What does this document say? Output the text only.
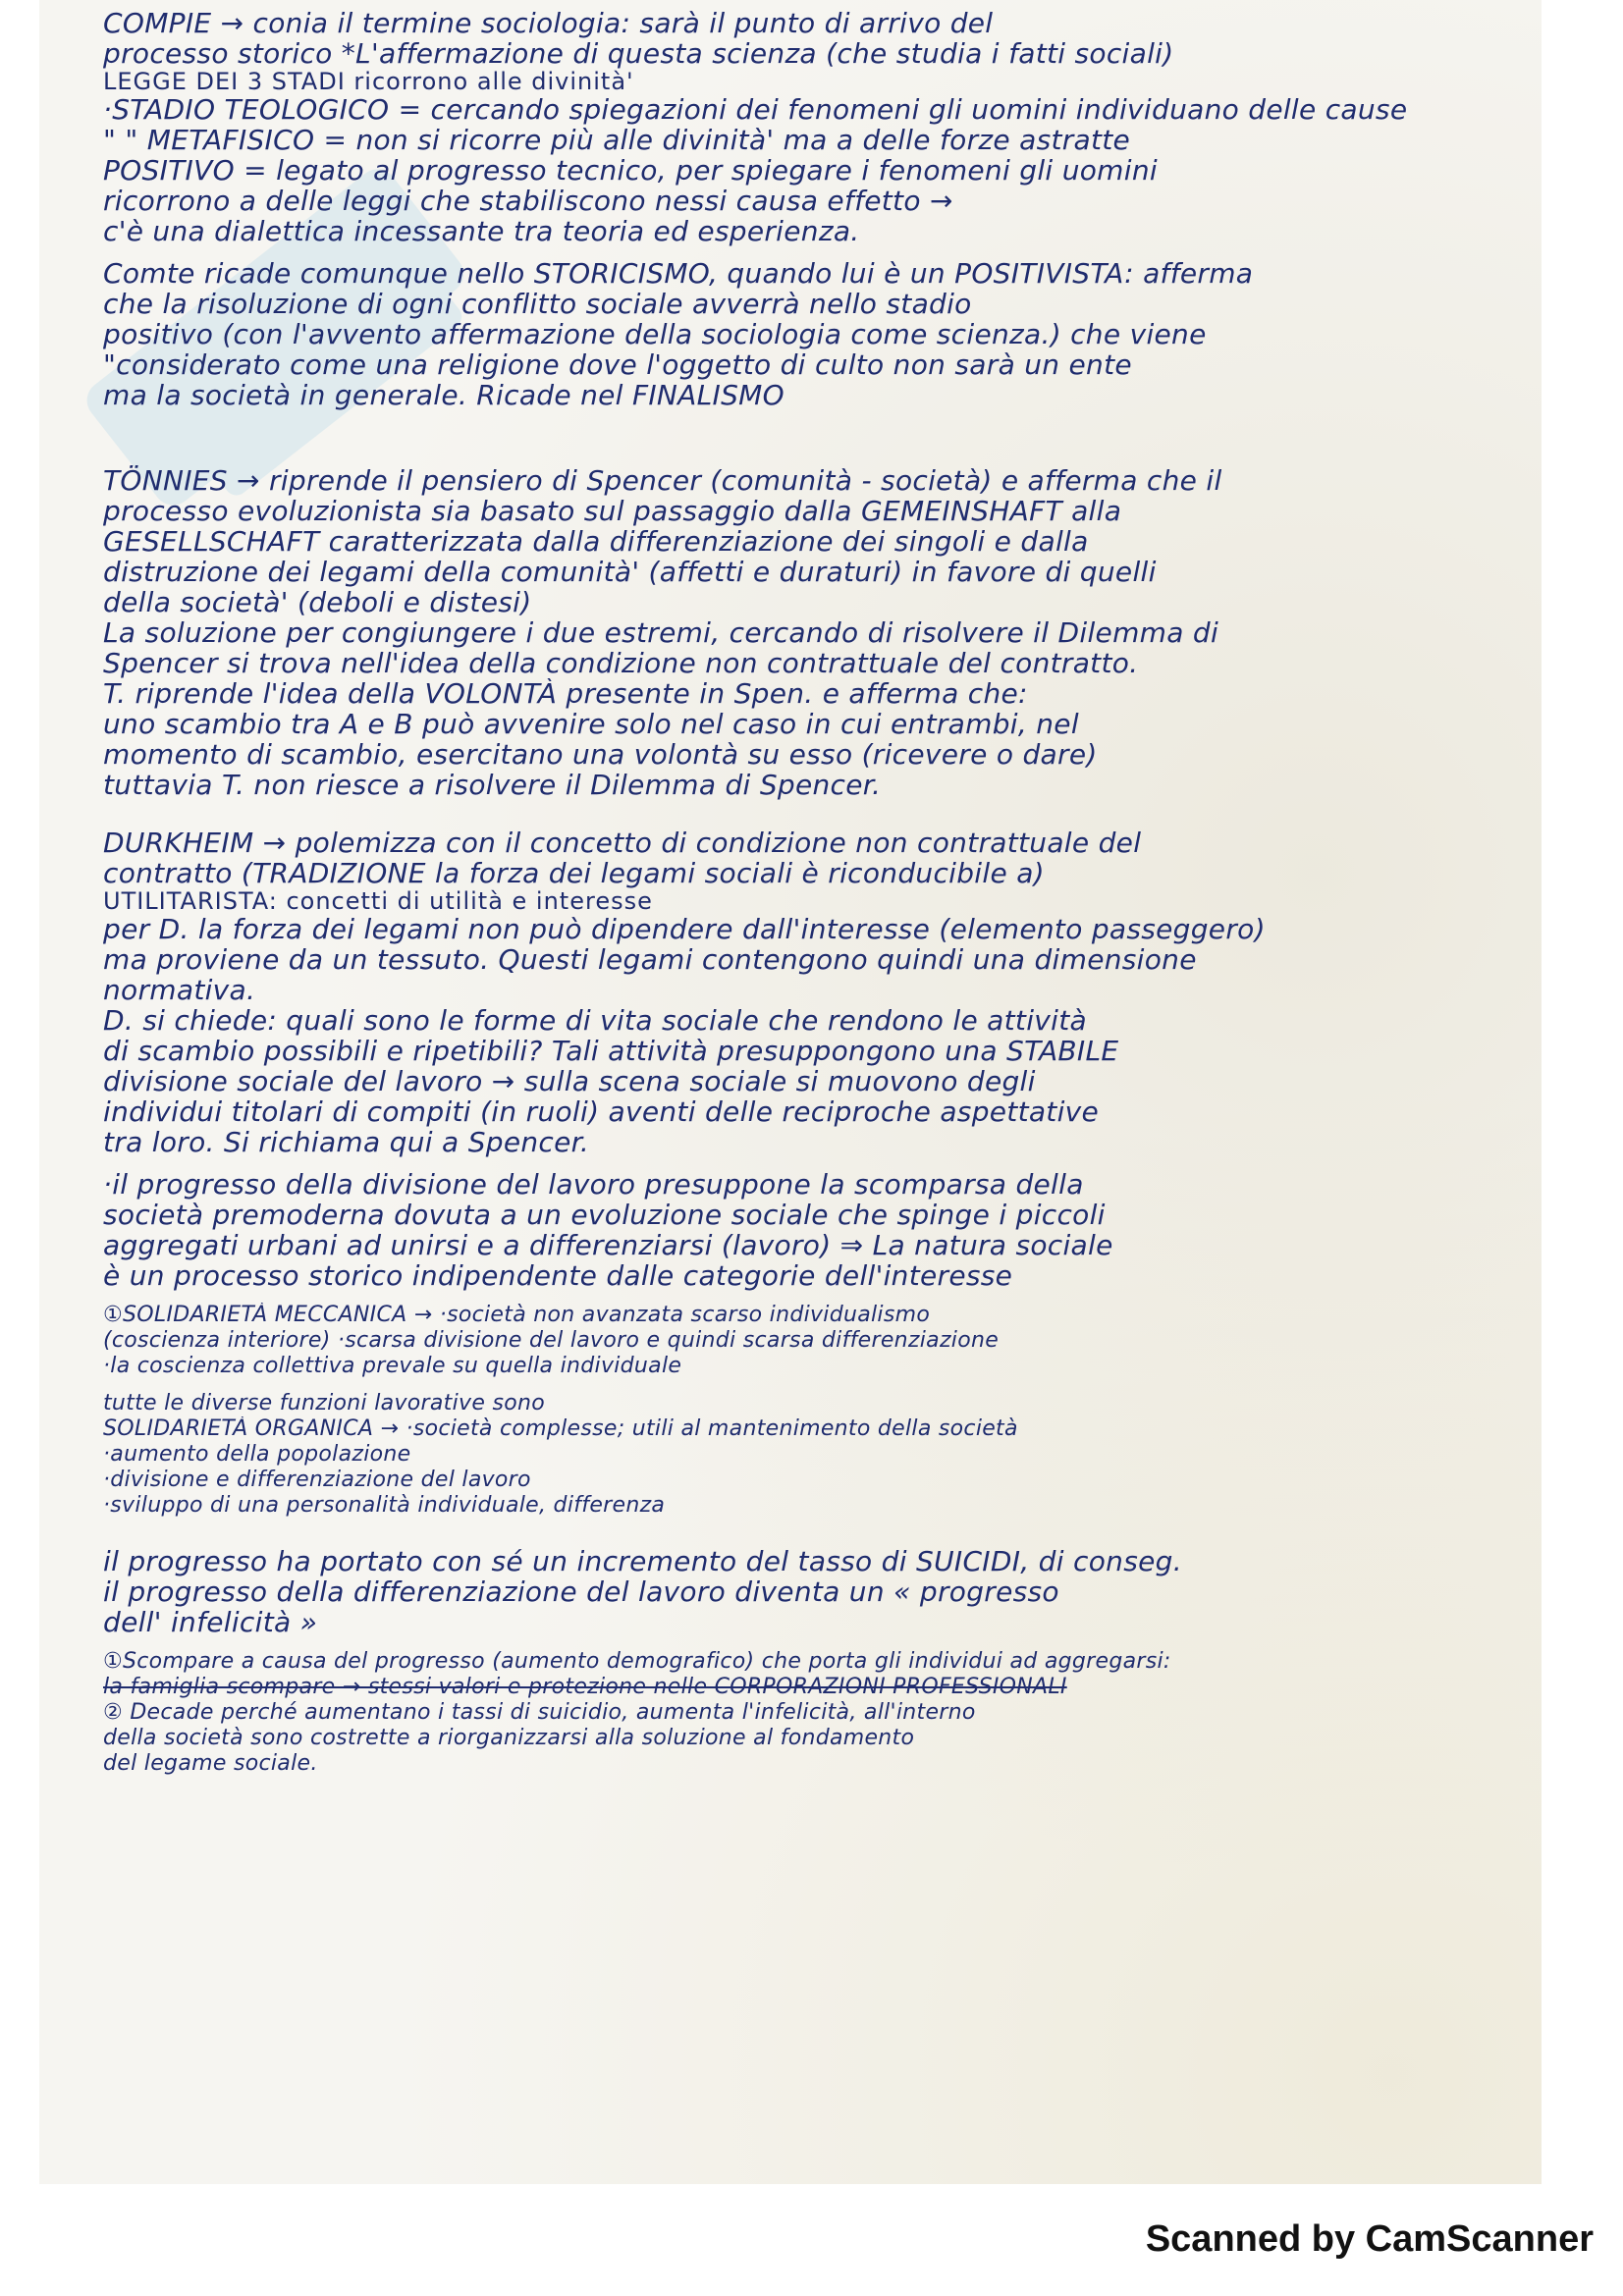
COMPIE → conia il termine sociologia: sarà il punto di arrivo del
processo storico *L'affermazione di questa scienza (che studia i fatti sociali)
LEGGE DEI 3 STADI ricorrono alle divinità'
·STADIO TEOLOGICO = cercando spiegazioni dei fenomeni gli uomini individuano delle cause
" " METAFISICO = non si ricorre più alle divinità' ma a delle forze astratte
POSITIVO = legato al progresso tecnico, per spiegare i fenomeni gli uomini
ricorrono a delle leggi che stabiliscono nessi causa effetto →
c'è una dialettica incessante tra teoria ed esperienza.
Comte ricade comunque nello STORICISMO, quando lui è un POSITIVISTA: afferma
che la risoluzione di ogni conflitto sociale avverrà nello stadio
positivo (con l'avvento affermazione della sociologia come scienza.) che viene
"considerato come una religione dove l'oggetto di culto non sarà un ente
ma la società in generale. Ricade nel FINALISMO
TÖNNIES → riprende il pensiero di Spencer (comunità - società) e afferma che il
processo evoluzionista sia basato sul passaggio dalla GEMEINSHAFT alla
GESELLSCHAFT caratterizzata dalla differenziazione dei singoli e dalla
distruzione dei legami della comunità' (affetti e duraturi) in favore di quelli
della società' (deboli e distesi)
La soluzione per congiungere i due estremi, cercando di risolvere il Dilemma di
Spencer si trova nell'idea della condizione non contrattuale del contratto.
T. riprende l'idea della VOLONTÀ presente in Spen. e afferma che:
uno scambio tra A e B può avvenire solo nel caso in cui entrambi, nel
momento di scambio, esercitano una volontà su esso (ricevere o dare)
tuttavia T. non riesce a risolvere il Dilemma di Spencer.
DURKHEIM → polemizza con il concetto di condizione non contrattuale del
contratto (TRADIZIONE la forza dei legami sociali è riconducibile a)
UTILITARISTA: concetti di utilità e interesse
per D. la forza dei legami non può dipendere dall'interesse (elemento passeggero)
ma proviene da un tessuto. Questi legami contengono quindi una dimensione
normativa.
D. si chiede: quali sono le forme di vita sociale che rendono le attività
di scambio possibili e ripetibili? Tali attività presuppongono una STABILE
divisione sociale del lavoro → sulla scena sociale si muovono degli
individui titolari di compiti (in ruoli) aventi delle reciproche aspettative
tra loro. Si richiama qui a Spencer.
·il progresso della divisione del lavoro presuppone la scomparsa della
società premoderna dovuta a un evoluzione sociale che spinge i piccoli
aggregati urbani ad unirsi e a differenziarsi (lavoro) ⇒ La natura sociale
è un processo storico indipendente dalle categorie dell'interesse
①SOLIDARIETÀ MECCANICA → ·società non avanzata scarso individualismo
(coscienza interiore) ·scarsa divisione del lavoro e quindi scarsa differenziazione
·la coscienza collettiva prevale su quella individuale
tutte le diverse funzioni lavorative sono
SOLIDARIETÀ ORGANICA → ·società complesse; utili al mantenimento della società
·aumento della popolazione
·divisione e differenziazione del lavoro
·sviluppo di una personalità individuale, differenza
il progresso ha portato con sé un incremento del tasso di SUICIDI, di conseg.
il progresso della differenziazione del lavoro diventa un « progresso
dell' infelicità »
①Scompare a causa del progresso (aumento demografico) che porta gli individui ad aggregarsi:
la famiglia scompare → stessi valori e protezione nelle CORPORAZIONI PROFESSIONALI
② Decade perché aumentano i tassi di suicidio, aumenta l'infelicità, all'interno
della società sono costrette a riorganizzarsi alla soluzione al fondamento
del legame sociale.
Scanned by CamScanner
